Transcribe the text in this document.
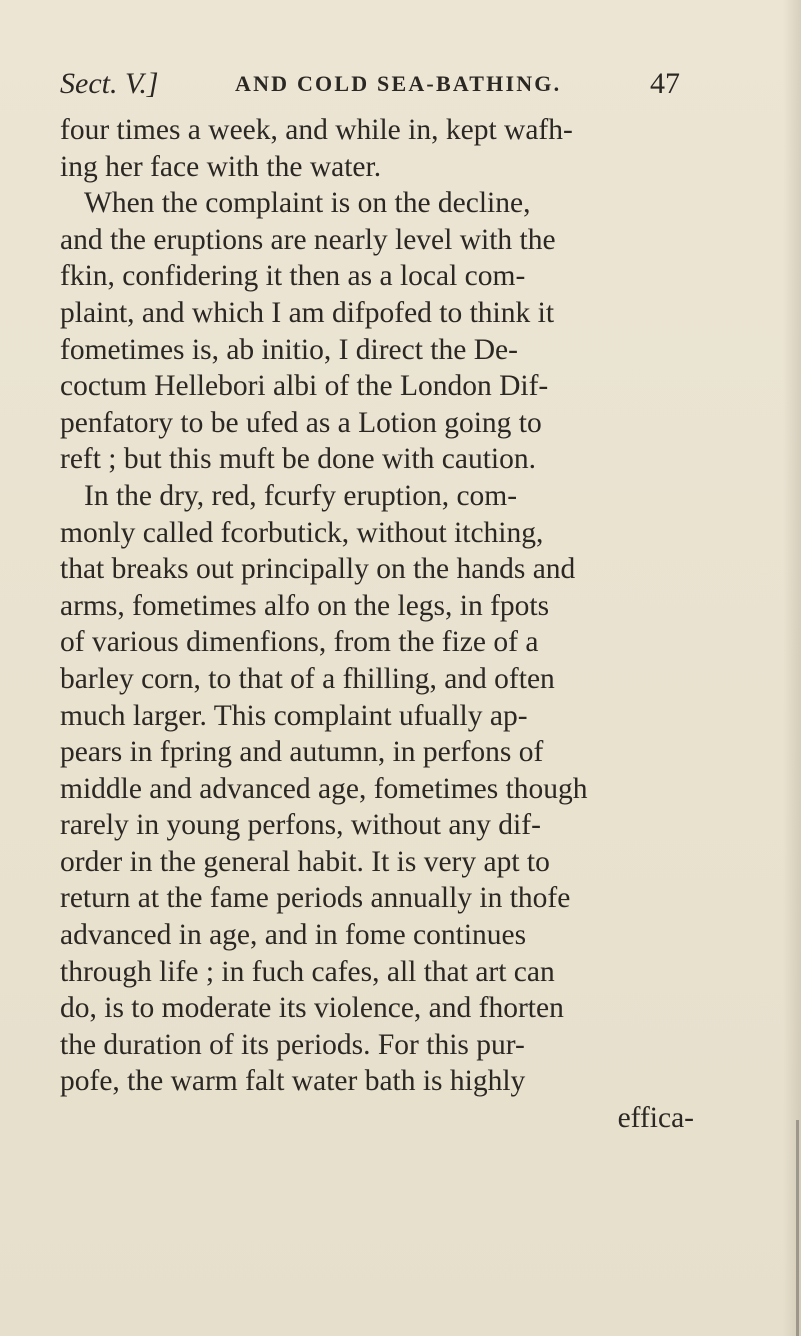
Sect. V.]	AND COLD SEA-BATHING.	47
four times a week, and while in, kept wafh-
ing her face with the water.
When the complaint is on the decline,
and the eruptions are nearly level with the
fkin, confidering it then as a local com-
plaint, and which I am difpofed to think it
fometimes is, ab initio, I direct the De-
coctum Hellebori albi of the London Dif-
penfatory to be ufed as a Lotion going to
reft ; but this muft be done with caution.
In the dry, red, fcurfy eruption, com-
monly called fcorbutick, without itching,
that breaks out principally on the hands and
arms, fometimes alfo on the legs, in fpots
of various dimenfions, from the fize of a
barley corn, to that of a fhilling, and often
much larger. This complaint ufually ap-
pears in fpring and autumn, in perfons of
middle and advanced age, fometimes though
rarely in young perfons, without any dif-
order in the general habit. It is very apt to
return at the fame periods annually in thofe
advanced in age, and in fome continues
through life ; in fuch cafes, all that art can
do, is to moderate its violence, and fhorten
the duration of its periods. For this pur-
pofe, the warm falt water bath is highly
effica-
